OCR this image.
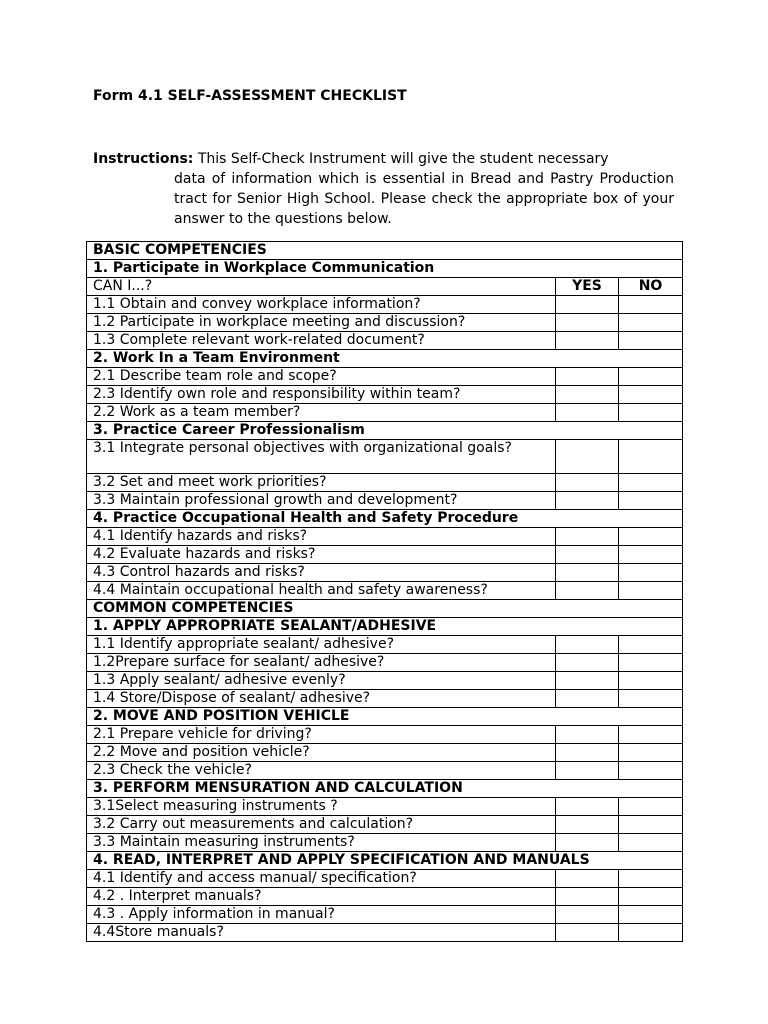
Form 4.1 SELF-ASSESSMENT CHECKLIST
Instructions: This Self-Check Instrument will give the student necessary
data of information which is essential in Bread and Pastry Production tract for Senior High School. Please check the appropriate box of your answer to the questions below.
BASIC COMPETENCIES		
1. Participate in Workplace Communication		
CAN I...?	YES	NO
1.1 Obtain and convey workplace information?		
1.2 Participate in workplace meeting and discussion?		
1.3 Complete relevant work-related document?		
2. Work In a Team Environment		
2.1 Describe team role and scope?		
2.3 Identify own role and responsibility within team?		
2.2 Work as a team member?		
3. Practice Career Professionalism		
3.1 Integrate personal objectives with organizational goals?		
3.2 Set and meet work priorities?		
3.3 Maintain professional growth and development?		
4. Practice Occupational Health and Safety Procedure		
4.1 Identify hazards and risks?		
4.2 Evaluate hazards and risks?		
4.3 Control hazards and risks?		
4.4 Maintain occupational health and safety awareness?		
COMMON COMPETENCIES		
1. APPLY APPROPRIATE SEALANT/ADHESIVE		
1.1 Identify appropriate sealant/ adhesive?		
1.2Prepare surface for sealant/ adhesive?		
1.3 Apply sealant/ adhesive evenly?		
1.4 Store/Dispose of sealant/ adhesive?		
2. MOVE AND POSITION VEHICLE		
2.1 Prepare vehicle for driving?		
2.2 Move and position vehicle?		
2.3 Check the vehicle?		
3. PERFORM MENSURATION AND CALCULATION		
3.1Select measuring instruments ?		
3.2 Carry out measurements and calculation?		
3.3 Maintain measuring instruments?		
4. READ, INTERPRET AND APPLY SPECIFICATION AND MANUALS		
4.1 Identify and access manual/ specification?		
4.2 . Interpret manuals?		
4.3 . Apply information in manual?		
4.4Store manuals?		
